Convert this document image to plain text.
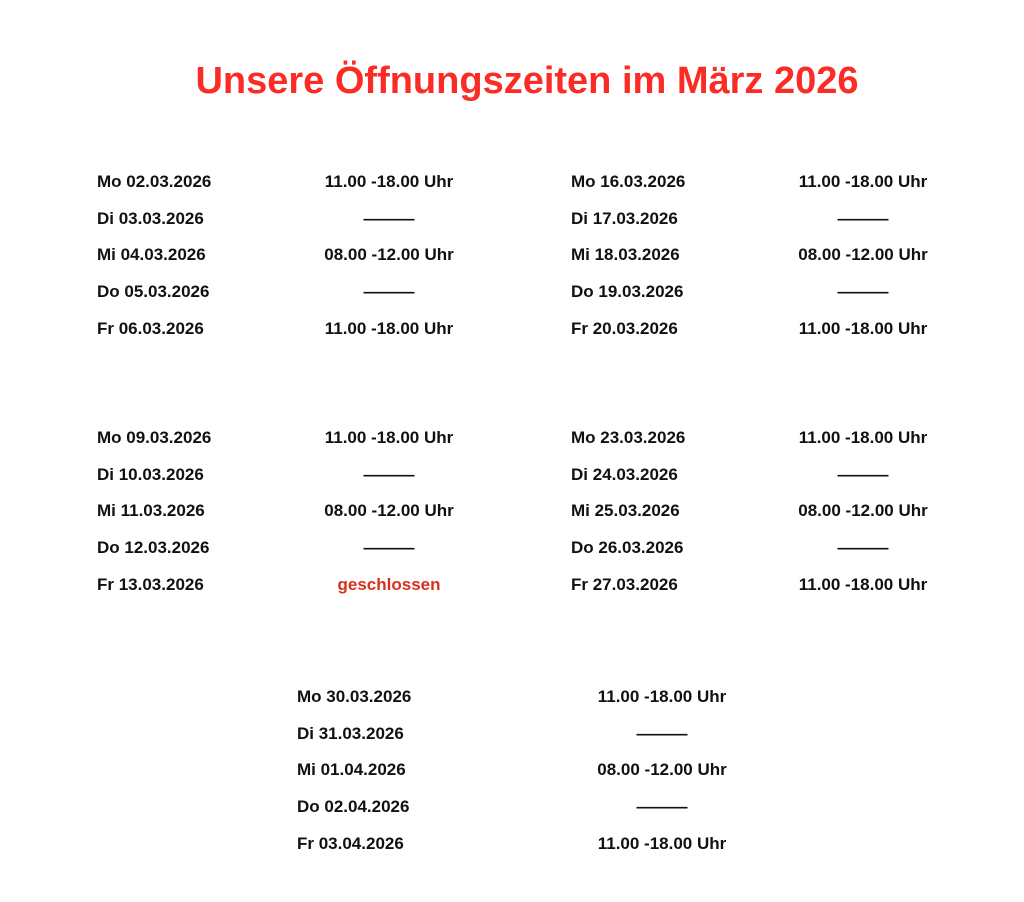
Unsere Öffnungszeiten im März 2026
Mo 02.03.2026	11.00 -18.00 Uhr
Di 03.03.2026	———
Mi 04.03.2026	08.00 -12.00 Uhr
Do 05.03.2026	———
Fr 06.03.2026	11.00 -18.00 Uhr
Mo 16.03.2026	11.00 -18.00 Uhr
Di 17.03.2026	———
Mi 18.03.2026	08.00 -12.00 Uhr
Do 19.03.2026	———
Fr 20.03.2026	11.00 -18.00 Uhr
Mo 09.03.2026	11.00 -18.00 Uhr
Di 10.03.2026	———
Mi 11.03.2026	08.00 -12.00 Uhr
Do 12.03.2026	———
Fr 13.03.2026	geschlossen
Mo 23.03.2026	11.00 -18.00 Uhr
Di 24.03.2026	———
Mi 25.03.2026	08.00 -12.00 Uhr
Do 26.03.2026	———
Fr 27.03.2026	11.00 -18.00 Uhr
Mo 30.03.2026	11.00 -18.00 Uhr
Di 31.03.2026	———
Mi 01.04.2026	08.00 -12.00 Uhr
Do 02.04.2026	———
Fr 03.04.2026	11.00 -18.00 Uhr
